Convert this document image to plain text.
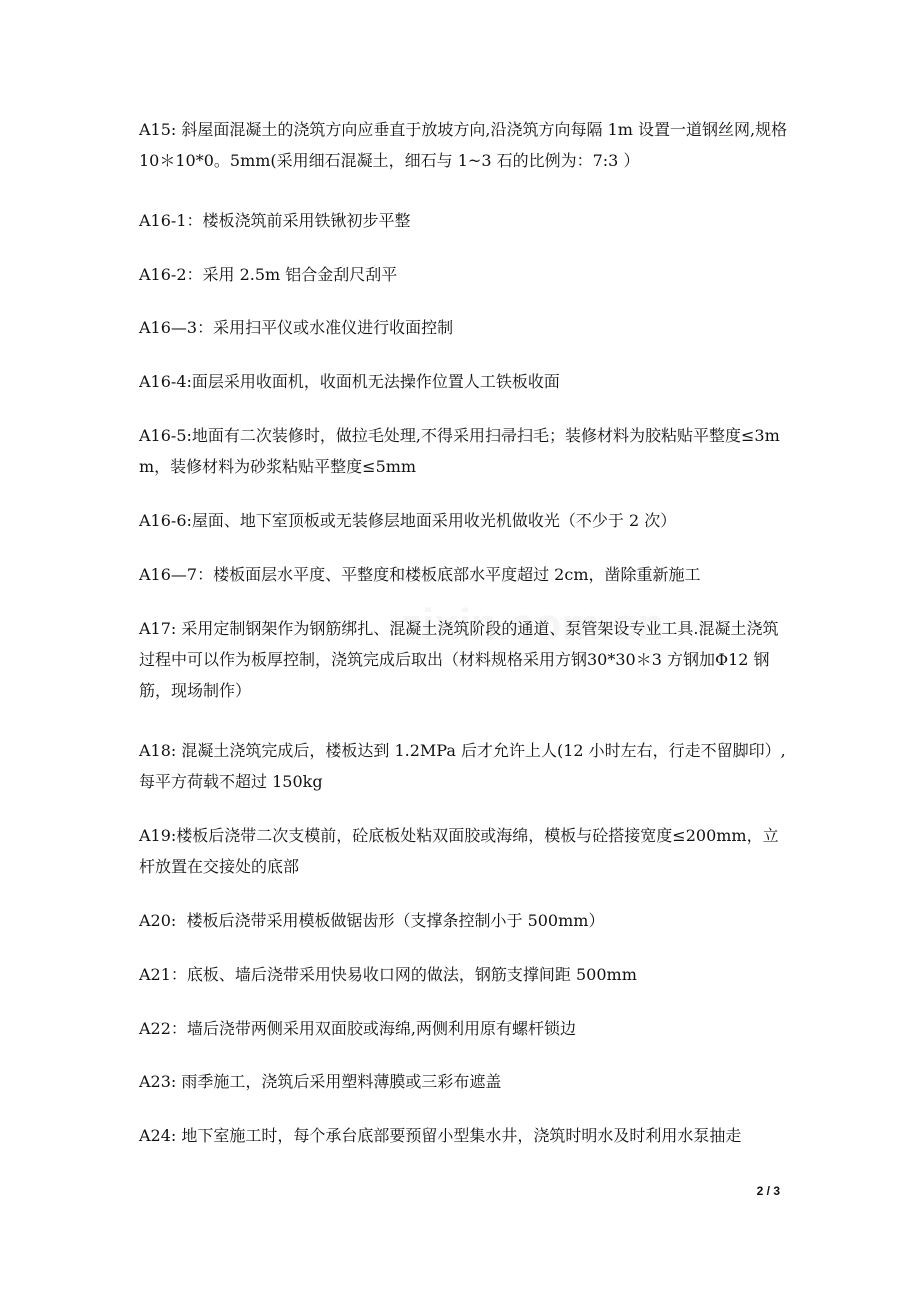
A15: 斜屋面混凝土的浇筑方向应垂直于放坡方向,沿浇筑方向每隔 1m 设置一道钢丝网,规格 10＊10*0。5mm(采用细石混凝土，细石与 1~3 石的比例为：7:3 ）

A16-1：楼板浇筑前采用铁锹初步平整

A16-2：采用 2.5m 铝合金刮尺刮平

A16—3：采用扫平仪或水准仪进行收面控制

A16-4:面层采用收面机，收面机无法操作位置人工铁板收面

A16-5:地面有二次装修时，做拉毛处理,不得采用扫帚扫毛；装修材料为胶粘贴平整度≤3mm，装修材料为砂浆粘贴平整度≤5mm

A16-6:屋面、地下室顶板或无装修层地面采用收光机做收光（不少于 2 次）

A16—7：楼板面层水平度、平整度和楼板底部水平度超过 2cm，凿除重新施工

A17: 采用定制钢架作为钢筋绑扎、混凝土浇筑阶段的通道、泵管架设专业工具.混凝土浇筑过程中可以作为板厚控制，浇筑完成后取出（材料规格采用方钢30*30＊3 方钢加Φ12 钢筋，现场制作）

A18: 混凝土浇筑完成后，楼板达到 1.2MPa 后才允许上人(12 小时左右，行走不留脚印）,每平方荷载不超过 150kg

A19:楼板后浇带二次支模前，砼底板处粘双面胶或海绵，模板与砼搭接宽度≤200mm，立杆放置在交接处的底部

A20:  楼板后浇带采用模板做锯齿形（支撑条控制小于 500mm）

A21：底板、墙后浇带采用快易收口网的做法，钢筋支撑间距 500mm

A22：墙后浇带两侧采用双面胶或海绵,两侧利用原有螺杆锁边

A23: 雨季施工，浇筑后采用塑料薄膜或三彩布遮盖

A24: 地下室施工时，每个承台底部要预留小型集水井，浇筑时明水及时利用水泵抽走

2 / 3
